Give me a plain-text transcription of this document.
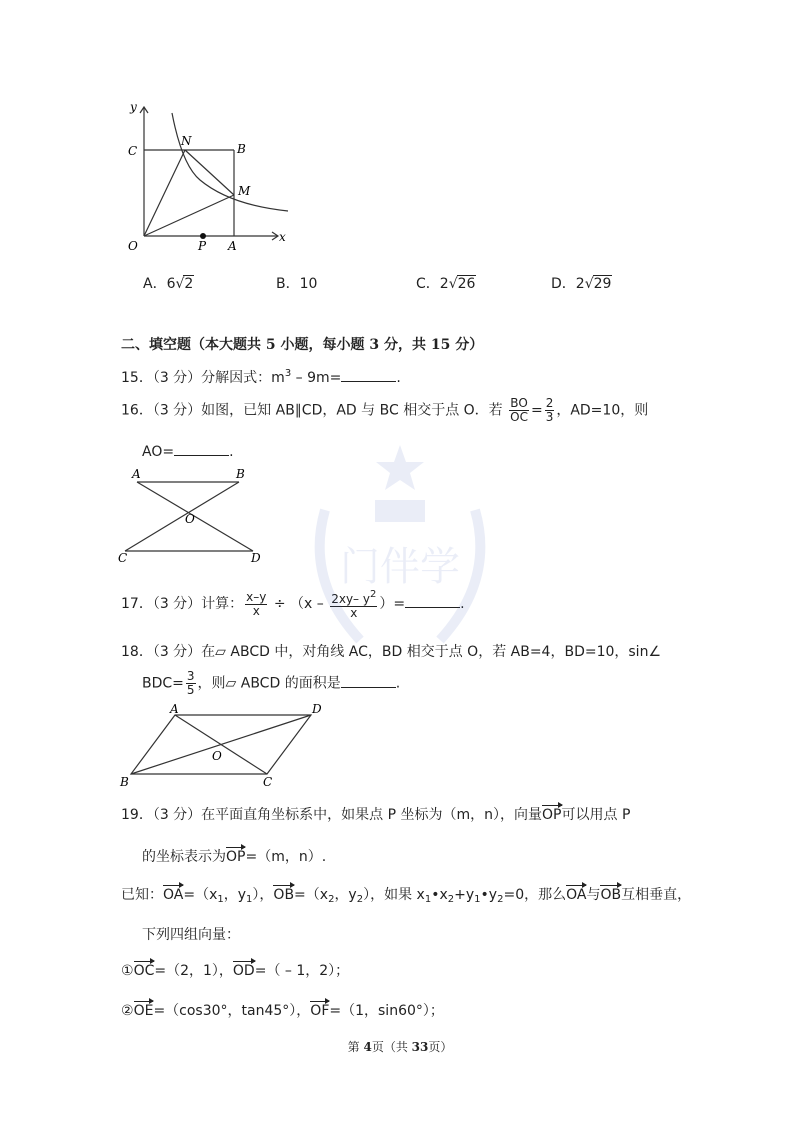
y
x
C
N
B
M
O	P A
A．6√2	B．10	C．2√26	D．2√29
二、填空题（本大题共 5 小题，每小题 3 分，共 15 分）
15．（3 分）分解因式：$m^3 - 9m=$	.
16．（3 分）如图，已知 AB∥CD，AD 与 BC 相交于点 O．若 $\frac{BO}{OC} = \frac{2}{3}$ ，AD=10，则
AO=	.
A	B
O
C	D
17．（3 分）计算： $\frac{x-y}{x} \div (x - \frac{2xy- y^2}{x}$ ）=	.
18．（3 分）在▱ ABCD 中，对角线 AC，BD 相交于点 O，若 AB=4，BD=10，sin∠
$BDC= \frac{3}{5}$ ，则▱ ABCD 的面积是	.
A	D
O
B	C
19．（3 分）在平面直角坐标系中，如果点 P 坐标为（m，n），向量OP可以用点 P
的坐标表示为OP=（m，n）.
已知：$OA=(x_1$，$y_1$），$OB=(x_2$，$y_2$），如果 $x_1•x_2+y_1•y_2=0$，那么OA与OB互相垂直，
下列四组向量：
①OC=（2，1），OD=（ – 1，2）；
②OE=（cos30°，tan45°），OF=（1，sin60°）；
第 4页（共 33页）
门伴学
